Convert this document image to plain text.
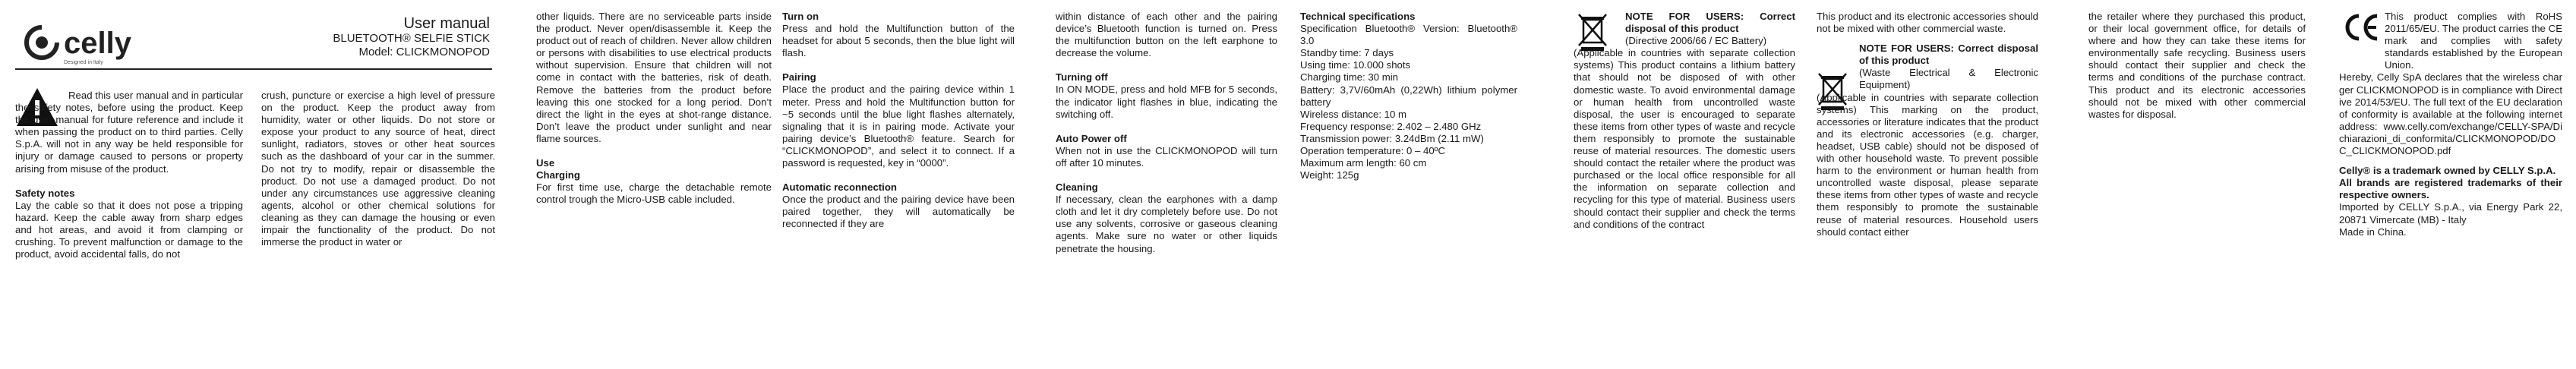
celly
Designed in Italy
User manual
BLUETOOTH® SELFIE STICK
Model: CLICKMONOPOD

Read this user manual and in particular the safety notes, before using the product. Keep the user manual for future reference and include it when passing the product on to third parties. Celly S.p.A. will not in any way be held responsible for injury or damage caused to persons or property arising from misuse of the product.

Safety notes

Lay the cable so that it does not pose a tripping hazard. Keep the cable away from sharp edges and hot areas, and avoid it from clamping or crushing. To prevent malfunction or damage to the product, avoid accidental falls, do not

crush, puncture or exercise a high level of pressure on the product. Keep the product away from humidity, water or other liquids. Do not store or expose your product to any source of heat, direct sunlight, radiators, stoves or other heat sources such as the dashboard of your car in the summer. Do not try to modify, repair or disassemble the product. Do not use a damaged product. Do not under any circumstances use aggressive cleaning agents, alcohol or other chemical solutions for cleaning as they can damage the housing or even impair the functionality of the product. Do not immerse the product in water or

other liquids. There are no serviceable parts inside the product. Never open/disassemble it. Keep the product out of reach of children. Never allow children or persons with disabilities to use electrical products without supervision. Ensure that children will not come in contact with the batteries, risk of death. Remove the batteries from the product before leaving this one stocked for a long period. Don’t direct the light in the eyes at shot-range distance. Don’t leave the product under sunlight and near flame sources.

Use

Charging

For first time use, charge the detachable remote control trough the Micro-USB cable included.

Turn on

Press and hold the Multifunction button of the headset for about 5 seconds, then the blue light will flash.

Pairing

Place the product and the pairing device within 1 meter. Press and hold the Multifunction button for ~5 seconds until the blue light flashes alternately, signaling that it is in pairing mode. Activate your pairing device’s Bluetooth® feature. Search for “CLICKMONOPOD”, and select it to connect. If a password is requested, key in “0000”.

Automatic reconnection

Once the product and the pairing device have been paired together, they will automatically be reconnected if they are

within distance of each other and the pairing device’s Bluetooth function is turned on. Press the multifunction button on the left earphone to decrease the volume.

Turning off

In ON MODE, press and hold MFB for 5 seconds, the indicator light flashes in blue, indicating the switching off.

Auto Power off

When not in use the CLICKMONOPOD will turn off after 10 minutes.

Cleaning

If necessary, clean the earphones with a damp cloth and let it dry completely before use. Do not use any solvents, corrosive or gaseous cleaning agents. Make sure no water or other liquids penetrate the housing.

Technical specifications

Specification Bluetooth® Version: Bluetooth® 3.0

Standby time: 7 days

Using time: 10.000 shots

Charging time: 30 min

Battery: 3,7V/60mAh (0,22Wh) lithium polymer battery

Wireless distance: 10 m

Frequency response: 2.402 – 2.480 GHz

Transmission power: 3.24dBm (2.11 mW)

Operation temperature: 0 – 40ºC

Maximum arm length: 60 cm

Weight: 125g

NOTE FOR USERS: Correct disposal of this product

(Directive 2006/66 / EC Battery)

(Applicable in countries with separate collection systems) This product contains a lithium battery that should not be disposed of with other domestic waste. To avoid environmental damage or human health from uncontrolled waste disposal, the user is encouraged to separate these items from other types of waste and recycle them responsibly to promote the sustainable reuse of material resources. The domestic users should contact the retailer where the product was purchased or the local office responsible for all the information on separate collection and recycling for this type of material. Business users should contact their supplier and check the terms and conditions of the contract

This product and its electronic accessories should not be mixed with other commercial waste.

NOTE FOR USERS: Correct disposal of this product

(Waste Electrical & Electronic Equipment)

(Applicable in countries with separate collection systems) This marking on the product, accessories or literature indicates that the product and its electronic accessories (e.g. charger, headset, USB cable) should not be disposed of with other household waste. To prevent possible harm to the environment or human health from uncontrolled waste disposal, please separate these items from other types of waste and recycle them responsibly to promote the sustainable reuse of material resources. Household users should contact either

the retailer where they purchased this product, or their local government office, for details of where and how they can take these items for environmentally safe recycling. Business users should contact their supplier and check the terms and conditions of the purchase contract. This product and its electronic accessories should not be mixed with other commercial wastes for disposal.

This product complies with RoHS 2011/65/EU. The product carries the CE mark and complies with safety standards established by the European Union.

Hereby, Celly SpA declares that the wireless charger CLICKMONOPOD is in compliance with Directive 2014/53/EU. The full text of the EU declaration of conformity is available at the following internet address: www.celly.com/exchange/CELLY-SPA/Dichiarazioni_di_conformita/CLICKMONOPOD/DOC_CLICKMONOPOD.pdf

Celly® is a trademark owned by CELLY S.p.A.

All brands are registered trademarks of their respective owners.

Imported by CELLY S.p.A., via Energy Park 22, 20871 Vimercate (MB) - Italy

Made in China.
